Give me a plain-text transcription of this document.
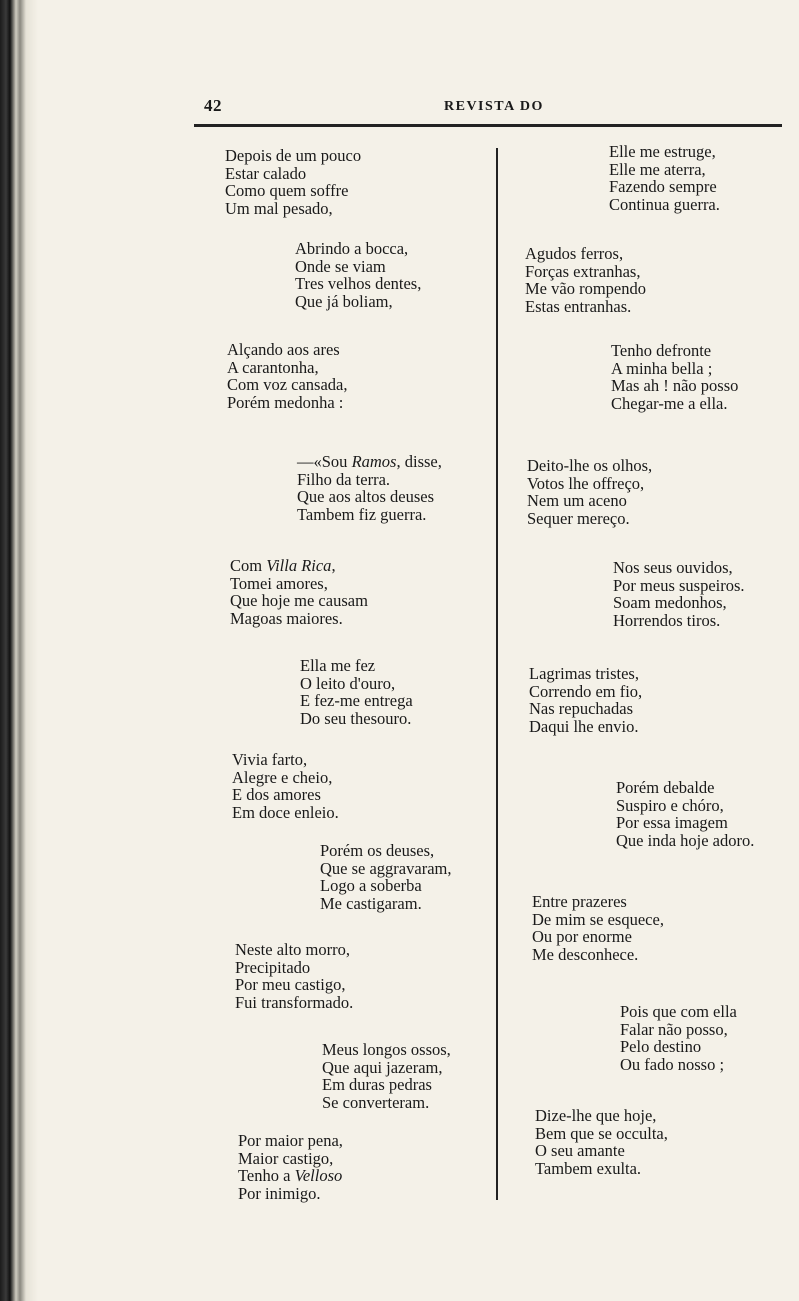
42	REVISTA DO
Depois de um pouco
Estar calado
Como quem soffre
Um mal pesado,
Abrindo a bocca,
Onde se viam
Tres velhos dentes,
Que já boliam,
Alçando aos ares
A carantonha,
Com voz cansada,
Porém medonha :
—«Sou Ramos, disse,
Filho da terra.
Que aos altos deuses
Tambem fiz guerra.
Com Villa Rica,
Tomei amores,
Que hoje me causam
Magoas maiores.
Ella me fez
O leito d'ouro,
E fez-me entrega
Do seu thesouro.
Vivia farto,
Alegre e cheio,
E dos amores
Em doce enleio.
Porém os deuses,
Que se aggravaram,
Logo a soberba
Me castigaram.
Neste alto morro,
Precipitado
Por meu castigo,
Fui transformado.
Meus longos ossos,
Que aqui jazeram,
Em duras pedras
Se converteram.
Por maior pena,
Maior castigo,
Tenho a Velloso
Por inimigo.
Elle me estruge,
Elle me aterra,
Fazendo sempre
Continua guerra.
Agudos ferros,
Forças extranhas,
Me vão rompendo
Estas entranhas.
Tenho defronte
A minha bella ;
Mas ah ! não posso
Chegar-me a ella.
Deito-lhe os olhos,
Votos lhe offreço,
Nem um aceno
Sequer mereço.
Nos seus ouvidos,
Por meus suspeiros.
Soam medonhos,
Horrendos tiros.
Lagrimas tristes,
Correndo em fio,
Nas repuchadas
Daqui lhe envio.
Porém debalde
Suspiro e chóro,
Por essa imagem
Que inda hoje adoro.
Entre prazeres
De mim se esquece,
Ou por enorme
Me desconhece.
Pois que com ella
Falar não posso,
Pelo destino
Ou fado nosso ;
Dize-lhe que hoje,
Bem que se occulta,
O seu amante
Tambem exulta.
